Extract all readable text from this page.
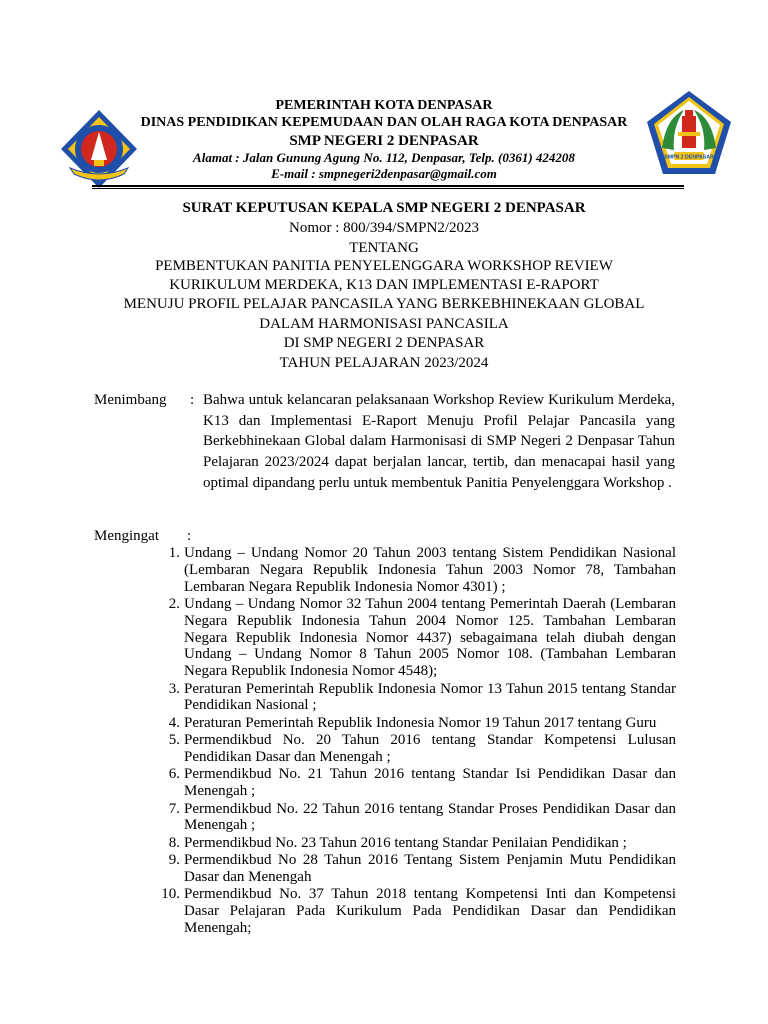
SMPN 2 DENPASAR
PEMERINTAH KOTA DENPASAR
DINAS PENDIDIKAN KEPEMUDAAN DAN OLAH RAGA KOTA DENPASAR
SMP NEGERI 2 DENPASAR
Alamat : Jalan Gunung Agung No. 112, Denpasar, Telp. (0361) 424208
E-mail : smpnegeri2denpasar@gmail.com
SURAT KEPUTUSAN KEPALA SMP NEGERI 2 DENPASAR
Nomor : 800/394/SMPN2/2023
TENTANG
PEMBENTUKAN PANITIA PENYELENGGARA WORKSHOP REVIEW
KURIKULUM MERDEKA, K13 DAN IMPLEMENTASI E-RAPORT
MENUJU PROFIL PELAJAR PANCASILA YANG BERKEBHINEKAAN GLOBAL
DALAM HARMONISASI PANCASILA
DI SMP NEGERI 2 DENPASAR
TAHUN PELAJARAN 2023/2024
Menimbang : Bahwa untuk kelancaran pelaksanaan Workshop Review Kurikulum Merdeka, K13 dan Implementasi E-Raport Menuju Profil Pelajar Pancasila yang Berkebhinekaan Global dalam Harmonisasi di SMP Negeri 2 Denpasar Tahun Pelajaran 2023/2024 dapat berjalan lancar, tertib, dan menacapai hasil yang optimal dipandang perlu untuk membentuk Panitia Penyelenggara Workshop .
Mengingat :
1. Undang – Undang Nomor 20 Tahun 2003 tentang Sistem Pendidikan Nasional (Lembaran Negara Republik Indonesia Tahun 2003 Nomor 78, Tambahan Lembaran Negara Republik Indonesia Nomor 4301) ;
2. Undang – Undang Nomor 32 Tahun 2004 tentang Pemerintah Daerah (Lembaran Negara Republik Indonesia Tahun 2004 Nomor 125. Tambahan Lembaran Negara Republik Indonesia Nomor 4437) sebagaimana telah diubah dengan Undang – Undang Nomor 8 Tahun 2005 Nomor 108. (Tambahan Lembaran Negara Republik Indonesia Nomor 4548);
3. Peraturan Pemerintah Republik Indonesia Nomor 13 Tahun 2015 tentang Standar Pendidikan Nasional ;
4. Peraturan Pemerintah Republik Indonesia Nomor 19 Tahun 2017 tentang Guru
5. Permendikbud No. 20 Tahun 2016 tentang Standar Kompetensi Lulusan Pendidikan Dasar dan Menengah ;
6. Permendikbud No. 21 Tahun 2016 tentang Standar Isi Pendidikan Dasar dan Menengah ;
7. Permendikbud No. 22 Tahun 2016 tentang Standar Proses Pendidikan Dasar dan Menengah ;
8. Permendikbud No. 23 Tahun 2016 tentang Standar Penilaian Pendidikan ;
9. Permendikbud No 28 Tahun 2016 Tentang Sistem Penjamin Mutu Pendidikan Dasar dan Menengah
10. Permendikbud No. 37 Tahun 2018 tentang Kompetensi Inti dan Kompetensi Dasar Pelajaran Pada Kurikulum Pada Pendidikan Dasar dan Pendidikan Menengah;
